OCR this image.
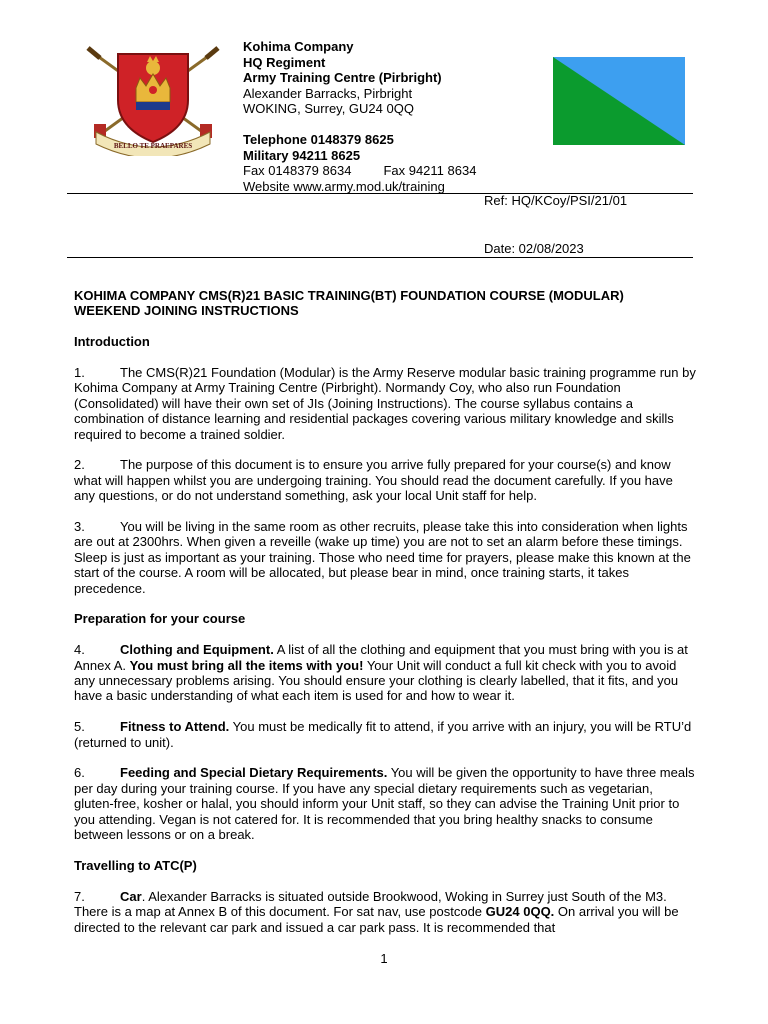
BELLO TE PRAEPARES
Kohima Company
HQ Regiment
Army Training Centre (Pirbright)
Alexander Barracks, Pirbright
WOKING, Surrey, GU24 0QQ
Telephone 0148379 8625
Military 94211 8625
Fax 0148379 8634 Fax 94211 8634
Website www.army.mod.uk/training
Ref: HQ/KCoy/PSI/21/01
Date: 02/08/2023
KOHIMA COMPANY CMS(R)21 BASIC TRAINING(BT) FOUNDATION COURSE (MODULAR)
WEEKEND JOINING INSTRUCTIONS
Introduction

1.	The CMS(R)21 Foundation (Modular) is the Army Reserve modular basic training programme run by Kohima Company at Army Training Centre (Pirbright). Normandy Coy, who also run Foundation (Consolidated) will have their own set of JIs (Joining Instructions). The course syllabus contains a combination of distance learning and residential packages covering various military knowledge and skills required to become a trained soldier.

2.	The purpose of this document is to ensure you arrive fully prepared for your course(s) and know what will happen whilst you are undergoing training. You should read the document carefully. If you have any questions, or do not understand something, ask your local Unit staff for help.

3.	You will be living in the same room as other recruits, please take this into consideration when lights are out at 2300hrs. When given a reveille (wake up time) you are not to set an alarm before these timings. Sleep is just as important as your training. Those who need time for prayers, please make this known at the start of the course. A room will be allocated, but please bear in mind, once training starts, it takes precedence.

Preparation for your course

4.	Clothing and Equipment. A list of all the clothing and equipment that you must bring with you is at Annex A. You must bring all the items with you! Your Unit will conduct a full kit check with you to avoid any unnecessary problems arising. You should ensure your clothing is clearly labelled, that it fits, and you have a basic understanding of what each item is used for and how to wear it.

5.	Fitness to Attend. You must be medically fit to attend, if you arrive with an injury, you will be RTU’d (returned to unit).

6.	Feeding and Special Dietary Requirements. You will be given the opportunity to have three meals per day during your training course. If you have any special dietary requirements such as vegetarian, gluten-free, kosher or halal, you should inform your Unit staff, so they can advise the Training Unit prior to you attending. Vegan is not catered for. It is recommended that you bring healthy snacks to consume between lessons or on a break.

Travelling to ATC(P)

7.	Car. Alexander Barracks is situated outside Brookwood, Woking in Surrey just South of the M3. There is a map at Annex B of this document. For sat nav, use postcode GU24 0QQ. On arrival you will be directed to the relevant car park and issued a car park pass. It is recommended that

1
